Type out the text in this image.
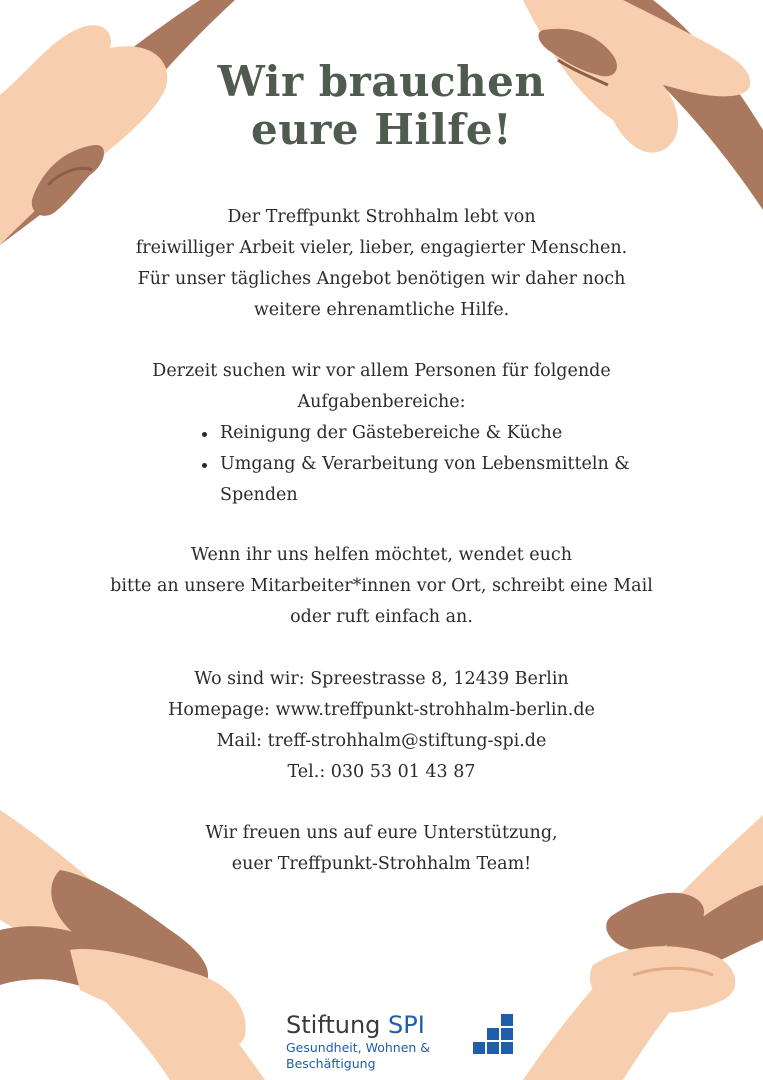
Wir brauchen
eure Hilfe!

Der Treffpunkt Strohhalm lebt von

freiwilliger Arbeit vieler, lieber, engagierter Menschen.

Für unser tägliches Angebot benötigen wir daher noch

weitere ehrenamtliche Hilfe.

Derzeit suchen wir vor allem Personen für folgende

Aufgabenbereiche:

Reinigung der Gästebereiche & Küche
Umgang & Verarbeitung von Lebensmitteln & Spenden

Wenn ihr uns helfen möchtet, wendet euch

bitte an unsere Mitarbeiter*innen vor Ort, schreibt eine Mail

oder ruft einfach an.

Wo sind wir: Spreestrasse 8, 12439 Berlin

Homepage: www.treffpunkt-strohhalm-berlin.de

Mail: treff-strohhalm@stiftung-spi.de

Tel.: 030 53 01 43 87

Wir freuen uns auf eure Unterstützung,

euer Treffpunkt-Strohhalm Team!

Stiftung SPI
Gesundheit, Wohnen &
Beschäftigung
